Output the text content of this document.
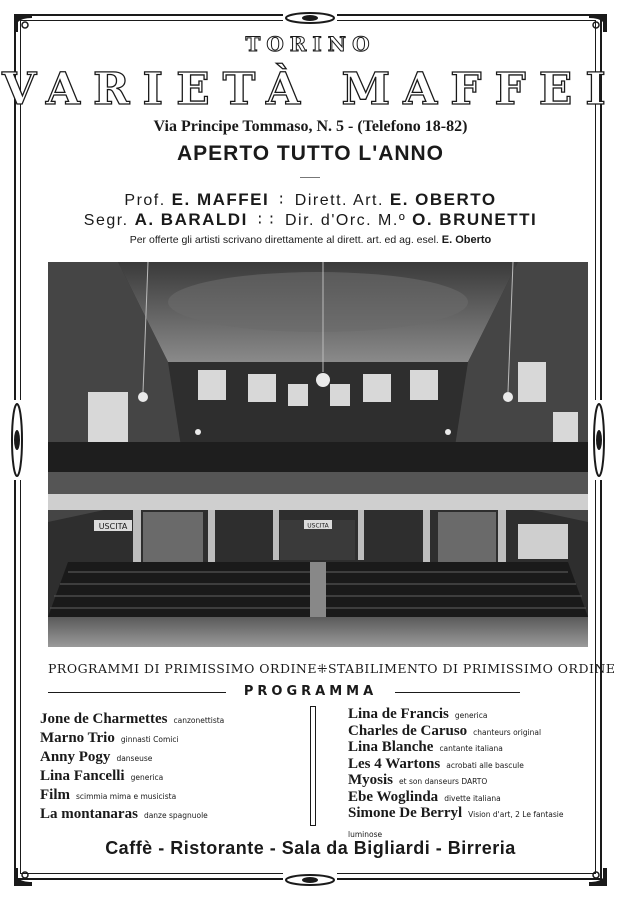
TORINO
VARIETÀ MAFFEI
Via Principe Tommaso, N. 5 - (Telefono 18-82)
APERTO TUTTO L'ANNO
Prof. E. MAFFEI ∶ Dirett. Art. E. OBERTO
Segr. A. BARALDI ∶ ∶ Dir. d'Orc. M.º O. BRUNETTI
Per offerte gli artisti scrivano direttamente al dirett. art. ed ag. esel. E. Oberto
USCITA	USCITA
PROGRAMMI DI PRIMISSIMO ORDINE ⁜ STABILIMENTO DI PRIMISSIMO ORDINE
PROGRAMMA
Jone de Charmettes canzonettista
Marno Trio ginnasti Comici
Anny Pogy danseuse
Lina Fancelli generica
Film scimmia mima e musicista
La montanaras danze spagnuole
Lina de Francis generica
Charles de Caruso chanteurs original
Lina Blanche cantante italiana
Les 4 Wartons acrobati alle bascule
Myosis et son danseurs DARTO
Ebe Woglinda divette italiana
Simone De Berryl Vision d'art, 2 Le fantasie luminose
Caffè - Ristorante - Sala da Bigliardi - Birreria
